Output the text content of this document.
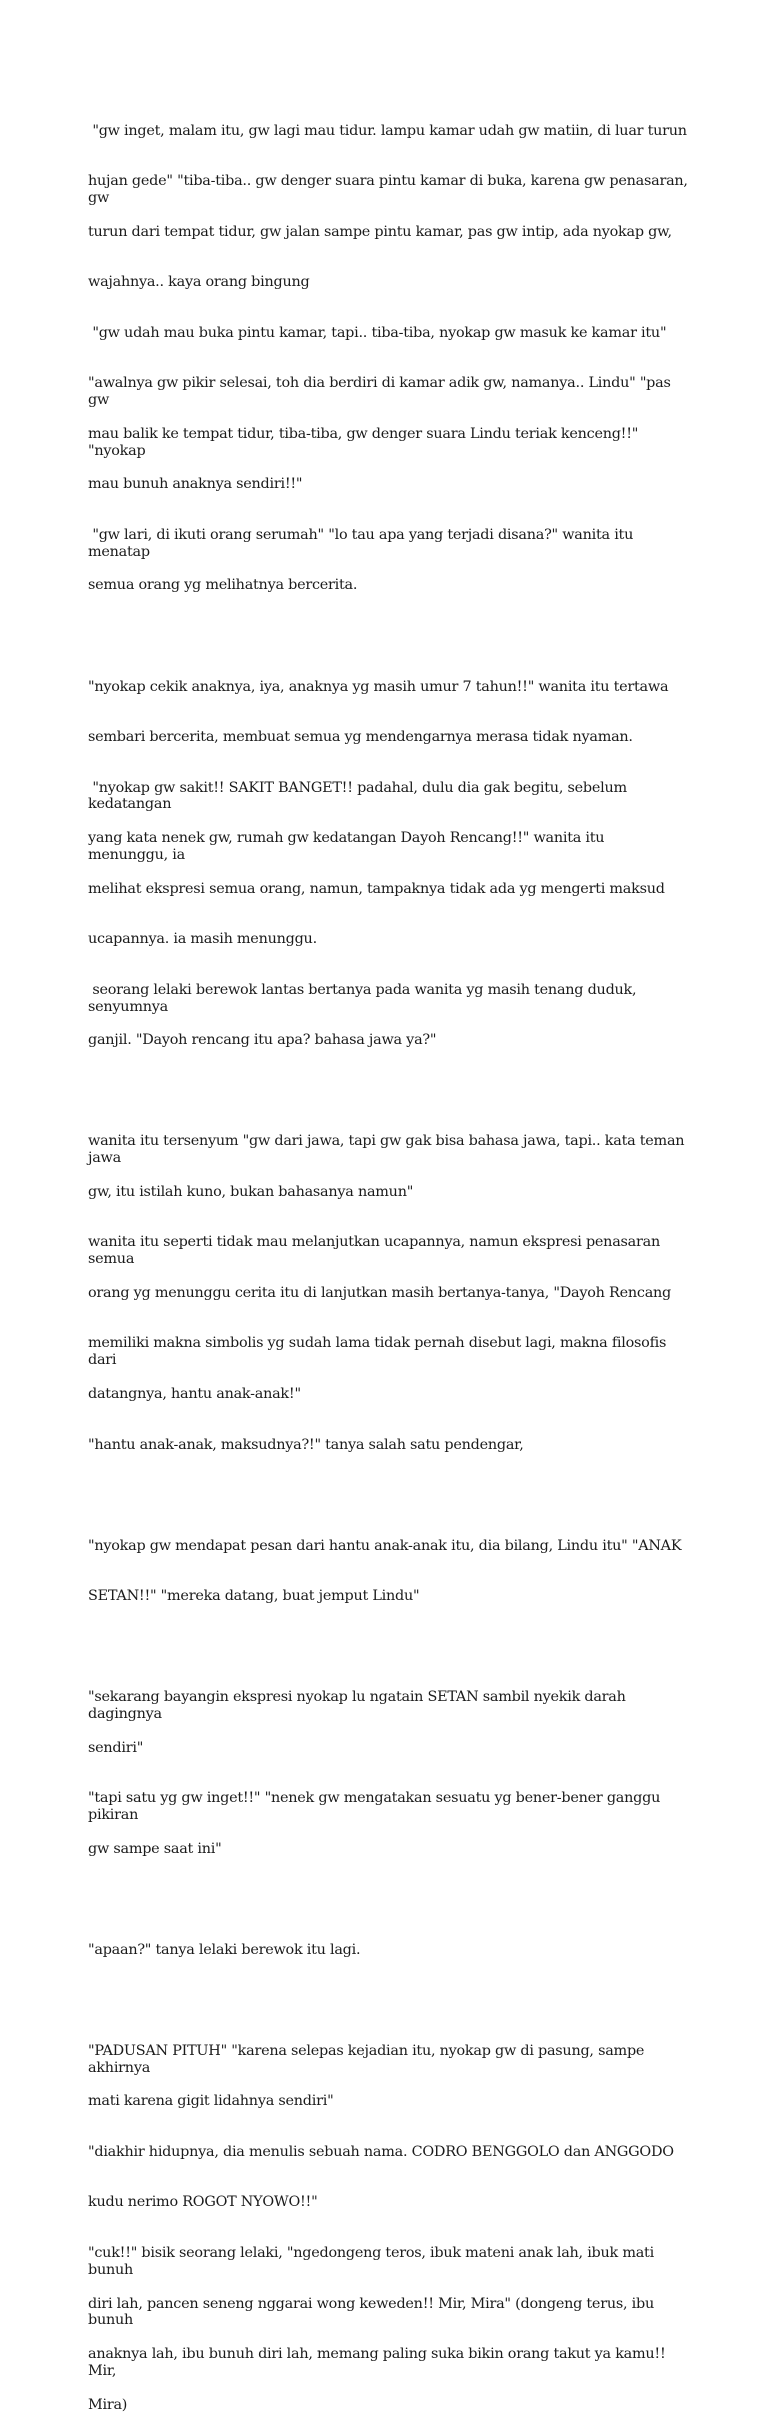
"gw inget, malam itu, gw lagi mau tidur. lampu kamar udah gw matiin, di luar turun

hujan gede" "tiba-tiba.. gw denger suara pintu kamar di buka, karena gw penasaran, gw

turun dari tempat tidur, gw jalan sampe pintu kamar, pas gw intip, ada nyokap gw,

wajahnya.. kaya orang bingung

"gw udah mau buka pintu kamar, tapi.. tiba-tiba, nyokap gw masuk ke kamar itu"

"awalnya gw pikir selesai, toh dia berdiri di kamar adik gw, namanya.. Lindu" "pas gw

mau balik ke tempat tidur, tiba-tiba, gw denger suara Lindu teriak kenceng!!" "nyokap

mau bunuh anaknya sendiri!!"

"gw lari, di ikuti orang serumah" "lo tau apa yang terjadi disana?" wanita itu menatap

semua orang yg melihatnya bercerita.

"nyokap cekik anaknya, iya, anaknya yg masih umur 7 tahun!!" wanita itu tertawa

sembari bercerita, membuat semua yg mendengarnya merasa tidak nyaman.

"nyokap gw sakit!! SAKIT BANGET!! padahal, dulu dia gak begitu, sebelum kedatangan

yang kata nenek gw, rumah gw kedatangan Dayoh Rencang!!" wanita itu menunggu, ia

melihat ekspresi semua orang, namun, tampaknya tidak ada yg mengerti maksud

ucapannya. ia masih menunggu.

seorang lelaki berewok lantas bertanya pada wanita yg masih tenang duduk, senyumnya

ganjil. "Dayoh rencang itu apa? bahasa jawa ya?"

wanita itu tersenyum "gw dari jawa, tapi gw gak bisa bahasa jawa, tapi.. kata teman jawa

gw, itu istilah kuno, bukan bahasanya namun"

wanita itu seperti tidak mau melanjutkan ucapannya, namun ekspresi penasaran semua

orang yg menunggu cerita itu di lanjutkan masih bertanya-tanya, "Dayoh Rencang

memiliki makna simbolis yg sudah lama tidak pernah disebut lagi, makna filosofis dari

datangnya, hantu anak-anak!"

"hantu anak-anak, maksudnya?!" tanya salah satu pendengar,

"nyokap gw mendapat pesan dari hantu anak-anak itu, dia bilang, Lindu itu" "ANAK

SETAN!!" "mereka datang, buat jemput Lindu"

"sekarang bayangin ekspresi nyokap lu ngatain SETAN sambil nyekik darah dagingnya

sendiri"

"tapi satu yg gw inget!!" "nenek gw mengatakan sesuatu yg bener-bener ganggu pikiran

gw sampe saat ini"

"apaan?" tanya lelaki berewok itu lagi.

"PADUSAN PITUH" "karena selepas kejadian itu, nyokap gw di pasung, sampe akhirnya

mati karena gigit lidahnya sendiri"

"diakhir hidupnya, dia menulis sebuah nama. CODRO BENGGOLO dan ANGGODO

kudu nerimo ROGOT NYOWO!!"

"cuk!!" bisik seorang lelaki, "ngedongeng teros, ibuk mateni anak lah, ibuk mati bunuh

diri lah, pancen seneng nggarai wong keweden!! Mir, Mira" (dongeng terus, ibu bunuh

anaknya lah, ibu bunuh diri lah, memang paling suka bikin orang takut ya kamu!! Mir,

Mira)
